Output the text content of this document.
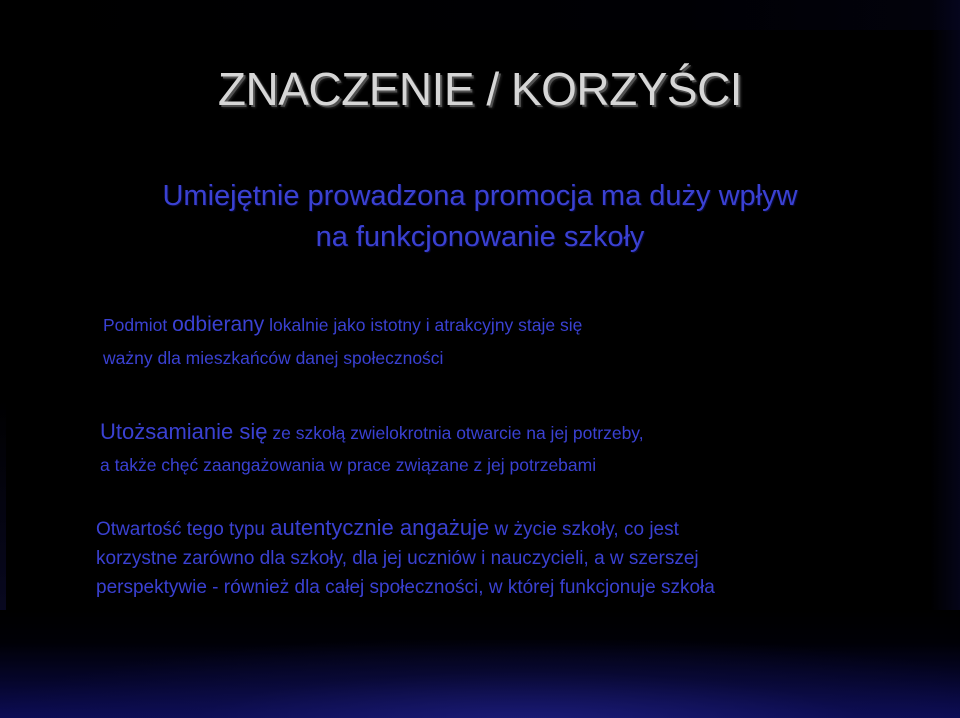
ZNACZENIE / KORZYŚCI
Umiejętnie prowadzona promocja ma duży wpływ
na funkcjonowanie szkoły

Podmiot odbierany lokalnie jako istotny i atrakcyjny staje się
ważny dla mieszkańców danej społeczności

Utożsamianie się ze szkołą zwielokrotnia otwarcie na jej potrzeby,
a także chęć zaangażowania w prace związane z jej potrzebami

Otwartość tego typu autentycznie angażuje w życie szkoły, co jest
korzystne zarówno dla szkoły, dla jej uczniów i nauczycieli, a w szerszej
perspektywie - również dla całej społeczności, w której funkcjonuje szkoła
